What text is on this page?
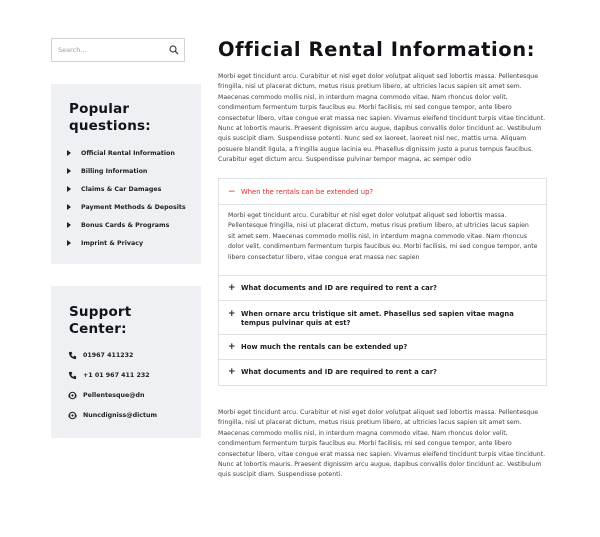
Search...
Popular questions:
Official Rental Information
Billing Information
Claims & Car Damages
Payment Methods & Deposits
Bonus Cards & Programs
Imprint & Privacy
Support Center:
01967 411232
+1 01 967 411 232
Pellentesque@dn
Nuncdigniss@dictum
Official Rental Information:

Morbi eget tincidunt arcu. Curabitur et nisl eget dolor volutpat aliquet sed lobortis massa. Pellentesque fringilla, nisi ut placerat dictum, metus risus pretium libero, at ultricies lacus sapien sit amet sem. Maecenas commodo mollis nisl, in interdum magna commodo vitae. Nam rhoncus dolor velit, condimentum fermentum turpis faucibus eu. Morbi facilisis, mi sed congue tempor, ante libero consectetur libero, vitae congue erat massa nec sapien. Vivamus eleifend tincidunt turpis vitae tincidunt. Nunc at lobortis mauris. Praesent dignissim arcu augue, dapibus convallis dolor tincidunt ac. Vestibulum quis suscipit diam. Suspendisse potenti. Nunc sed ex laoreet, laoreet nisl nec, mattis urna. Aliquam posuere blandit ligula, a fringilla augue lacinia eu. Phasellus dignissim justo a purus tempus faucibus. Curabitur eget dictum arcu. Suspendisse pulvinar tempor magna, ac semper odio

− When the rentals can be extended up?

Morbi eget tincidunt arcu. Curabitur et nisl eget dolor volutpat aliquet sed lobortis massa. Pellentesque fringilla, nisi ut placerat dictum, metus risus pretium libero, at ultricies lacus sapien sit amet sem. Maecenas commodo mollis nisl, in interdum magna commodo vitae. Nam rhoncus dolor velit, condimentum fermentum turpis faucibus eu. Morbi facilisis, mi sed congue tempor, ante libero consectetur libero, vitae congue erat massa nec sapien

+ What documents and ID are required to rent a car?
+ When ornare arcu tristique sit amet. Phasellus sed sapien vitae magna tempus pulvinar quis at est?
+ How much the rentals can be extended up?
+ What documents and ID are required to rent a car?

Morbi eget tincidunt arcu. Curabitur et nisl eget dolor volutpat aliquet sed lobortis massa. Pellentesque fringilla, nisi ut placerat dictum, metus risus pretium libero, at ultricies lacus sapien sit amet sem. Maecenas commodo mollis nisl, in interdum magna commodo vitae. Nam rhoncus dolor velit, condimentum fermentum turpis faucibus eu. Morbi facilisis, mi sed congue tempor, ante libero consectetur libero, vitae congue erat massa nec sapien. Vivamus eleifend tincidunt turpis vitae tincidunt. Nunc at lobortis mauris. Praesent dignissim arcu augue, dapibus convallis dolor tincidunt ac. Vestibulum quis suscipit diam. Suspendisse potenti.
